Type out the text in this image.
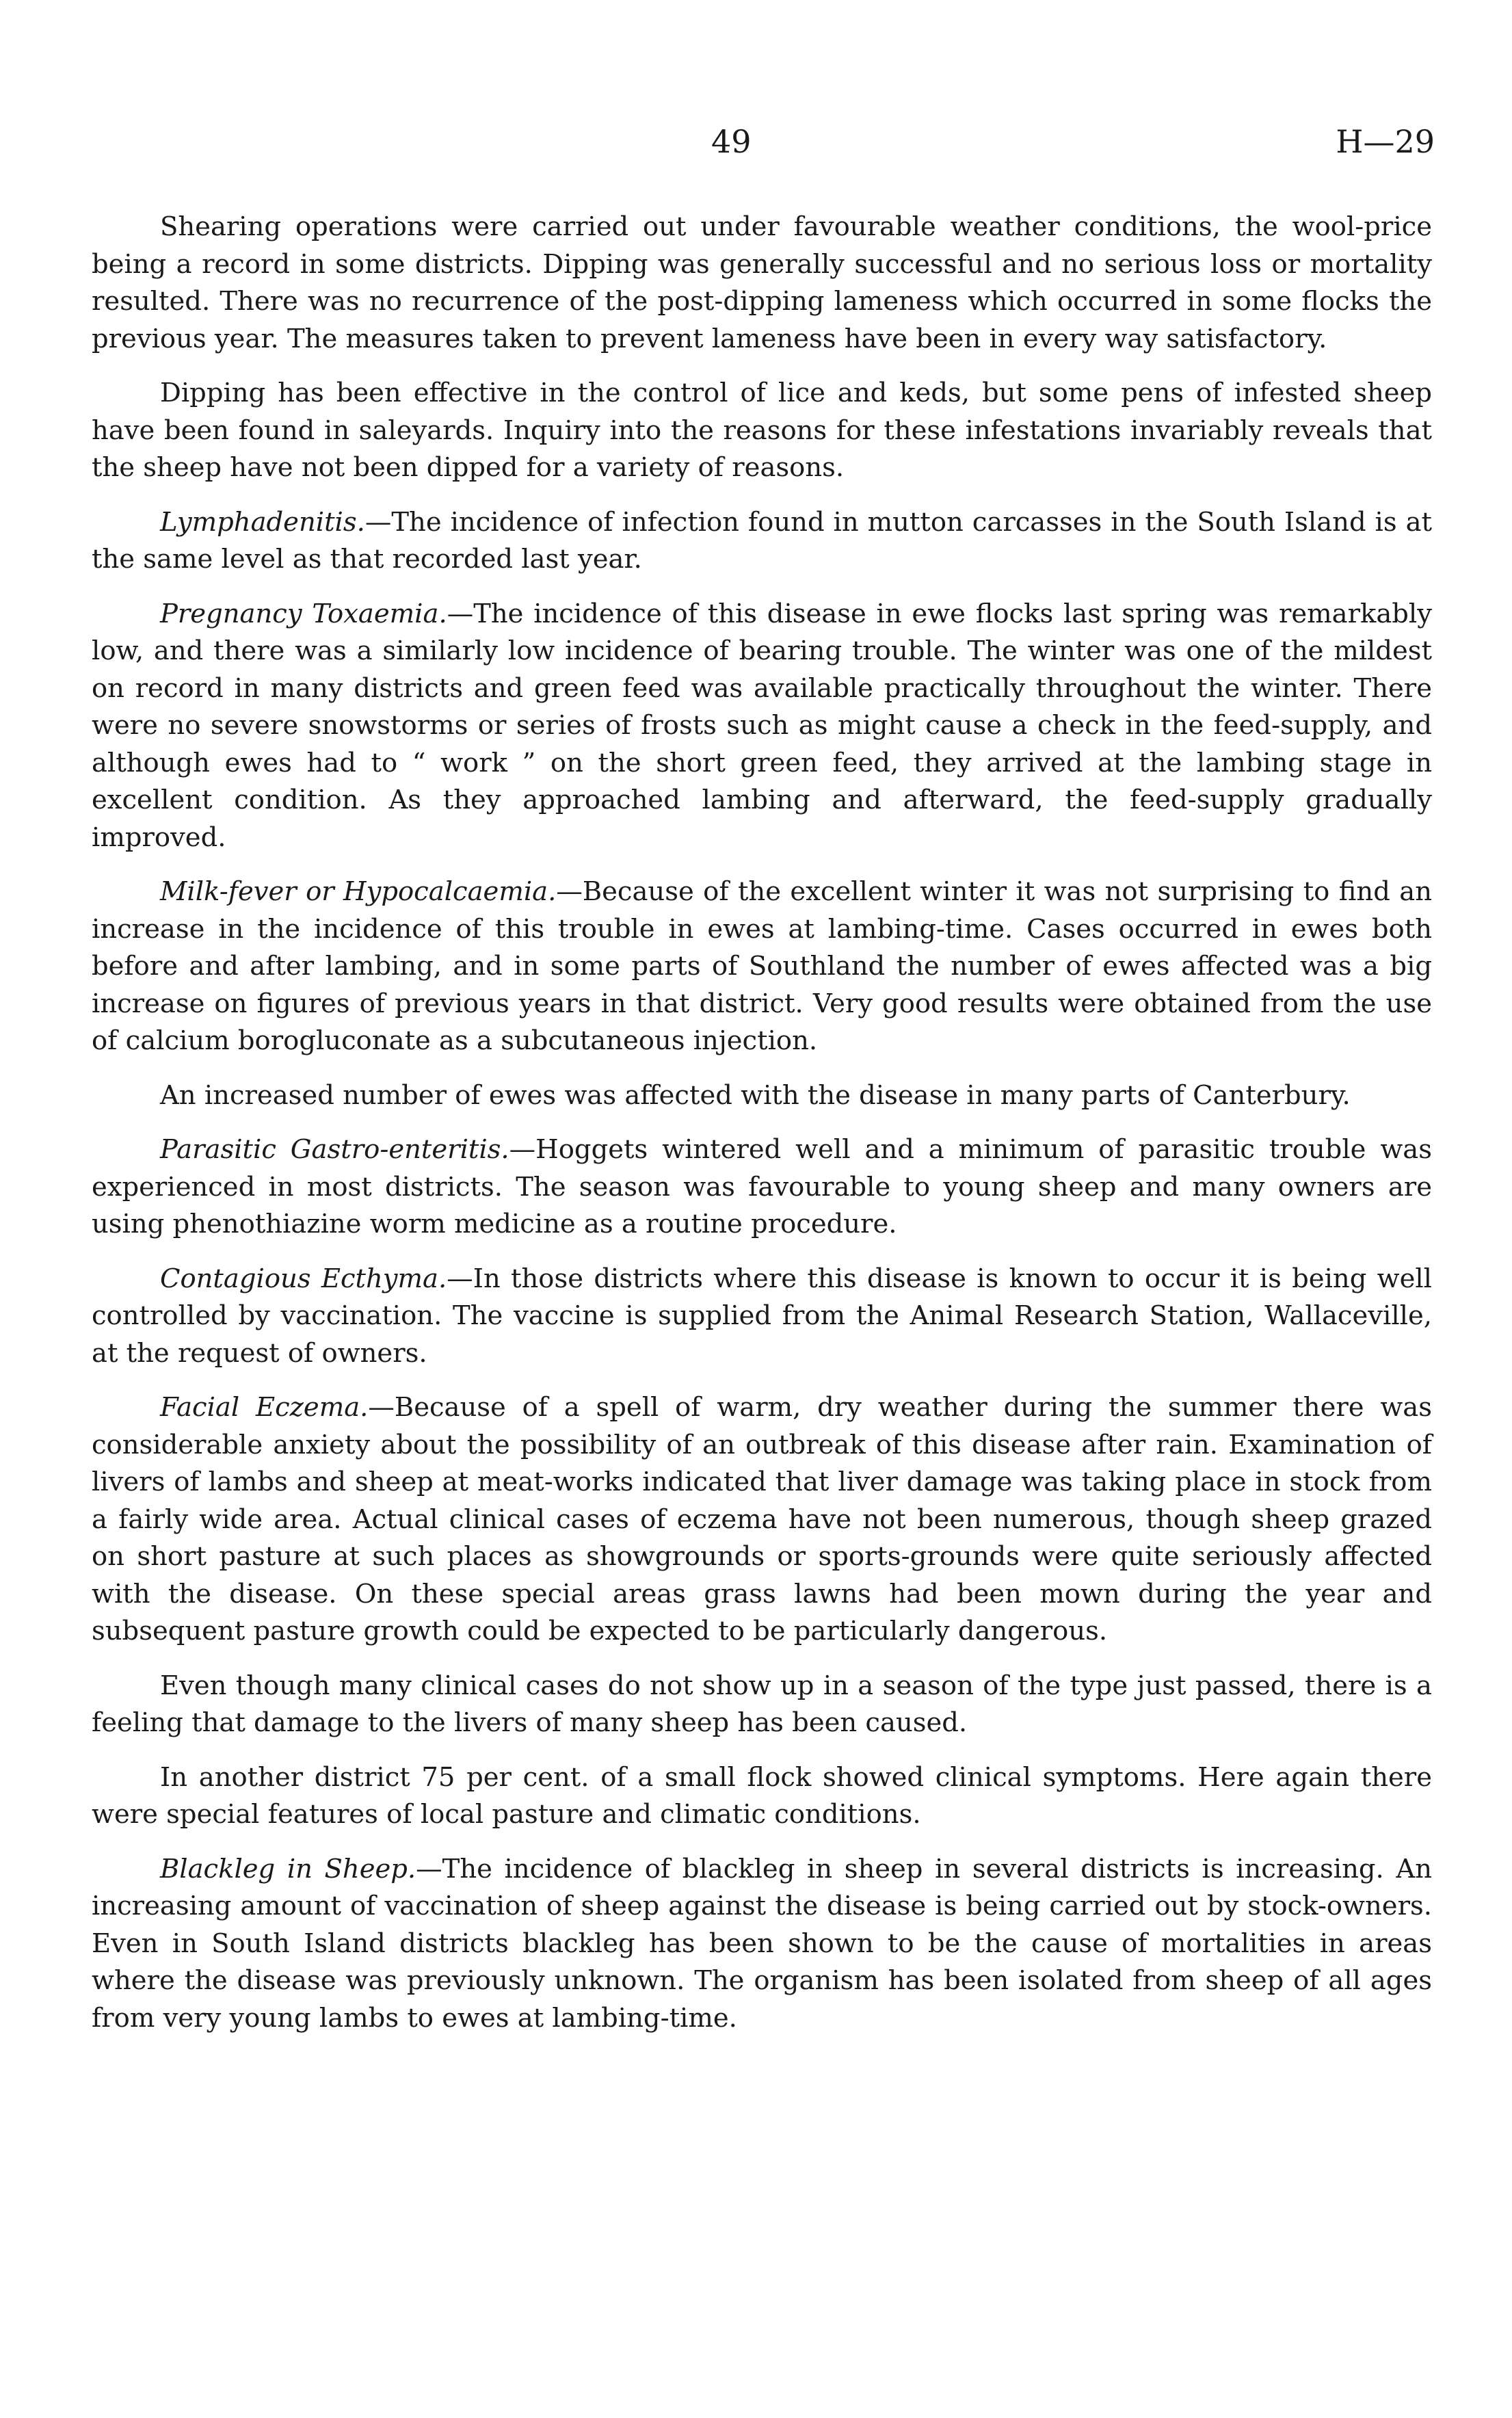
49	H—29

Shearing operations were carried out under favourable weather conditions, the wool-price being a record in some districts. Dipping was generally successful and no serious loss or mortality resulted. There was no recurrence of the post-dipping lameness which occurred in some flocks the previous year. The measures taken to prevent lameness have been in every way satisfactory.

Dipping has been effective in the control of lice and keds, but some pens of infested sheep have been found in saleyards. Inquiry into the reasons for these infestations invariably reveals that the sheep have not been dipped for a variety of reasons.

Lymphadenitis.—The incidence of infection found in mutton carcasses in the South Island is at the same level as that recorded last year.

Pregnancy Toxaemia.—The incidence of this disease in ewe flocks last spring was remarkably low, and there was a similarly low incidence of bearing trouble. The winter was one of the mildest on record in many districts and green feed was available practically throughout the winter. There were no severe snowstorms or series of frosts such as might cause a check in the feed-supply, and although ewes had to “ work ” on the short green feed, they arrived at the lambing stage in excellent condition. As they approached lambing and afterward, the feed-supply gradually improved.

Milk-fever or Hypocalcaemia.—Because of the excellent winter it was not surprising to find an increase in the incidence of this trouble in ewes at lambing-time. Cases occurred in ewes both before and after lambing, and in some parts of Southland the number of ewes affected was a big increase on figures of previous years in that district. Very good results were obtained from the use of calcium borogluconate as a subcutaneous injection.

An increased number of ewes was affected with the disease in many parts of Canterbury.

Parasitic Gastro-enteritis.—Hoggets wintered well and a minimum of parasitic trouble was experienced in most districts. The season was favourable to young sheep and many owners are using phenothiazine worm medicine as a routine procedure.

Contagious Ecthyma.—In those districts where this disease is known to occur it is being well controlled by vaccination. The vaccine is supplied from the Animal Research Station, Wallaceville, at the request of owners.

Facial Eczema.—Because of a spell of warm, dry weather during the summer there was considerable anxiety about the possibility of an outbreak of this disease after rain. Examination of livers of lambs and sheep at meat-works indicated that liver damage was taking place in stock from a fairly wide area. Actual clinical cases of eczema have not been numerous, though sheep grazed on short pasture at such places as showgrounds or sports-grounds were quite seriously affected with the disease. On these special areas grass lawns had been mown during the year and subsequent pasture growth could be expected to be particularly dangerous.

Even though many clinical cases do not show up in a season of the type just passed, there is a feeling that damage to the livers of many sheep has been caused.

In another district 75 per cent. of a small flock showed clinical symptoms. Here again there were special features of local pasture and climatic conditions.

Blackleg in Sheep.—The incidence of blackleg in sheep in several districts is increasing. An increasing amount of vaccination of sheep against the disease is being carried out by stock-owners. Even in South Island districts blackleg has been shown to be the cause of mortalities in areas where the disease was previously unknown. The organism has been isolated from sheep of all ages from very young lambs to ewes at lambing-time.
